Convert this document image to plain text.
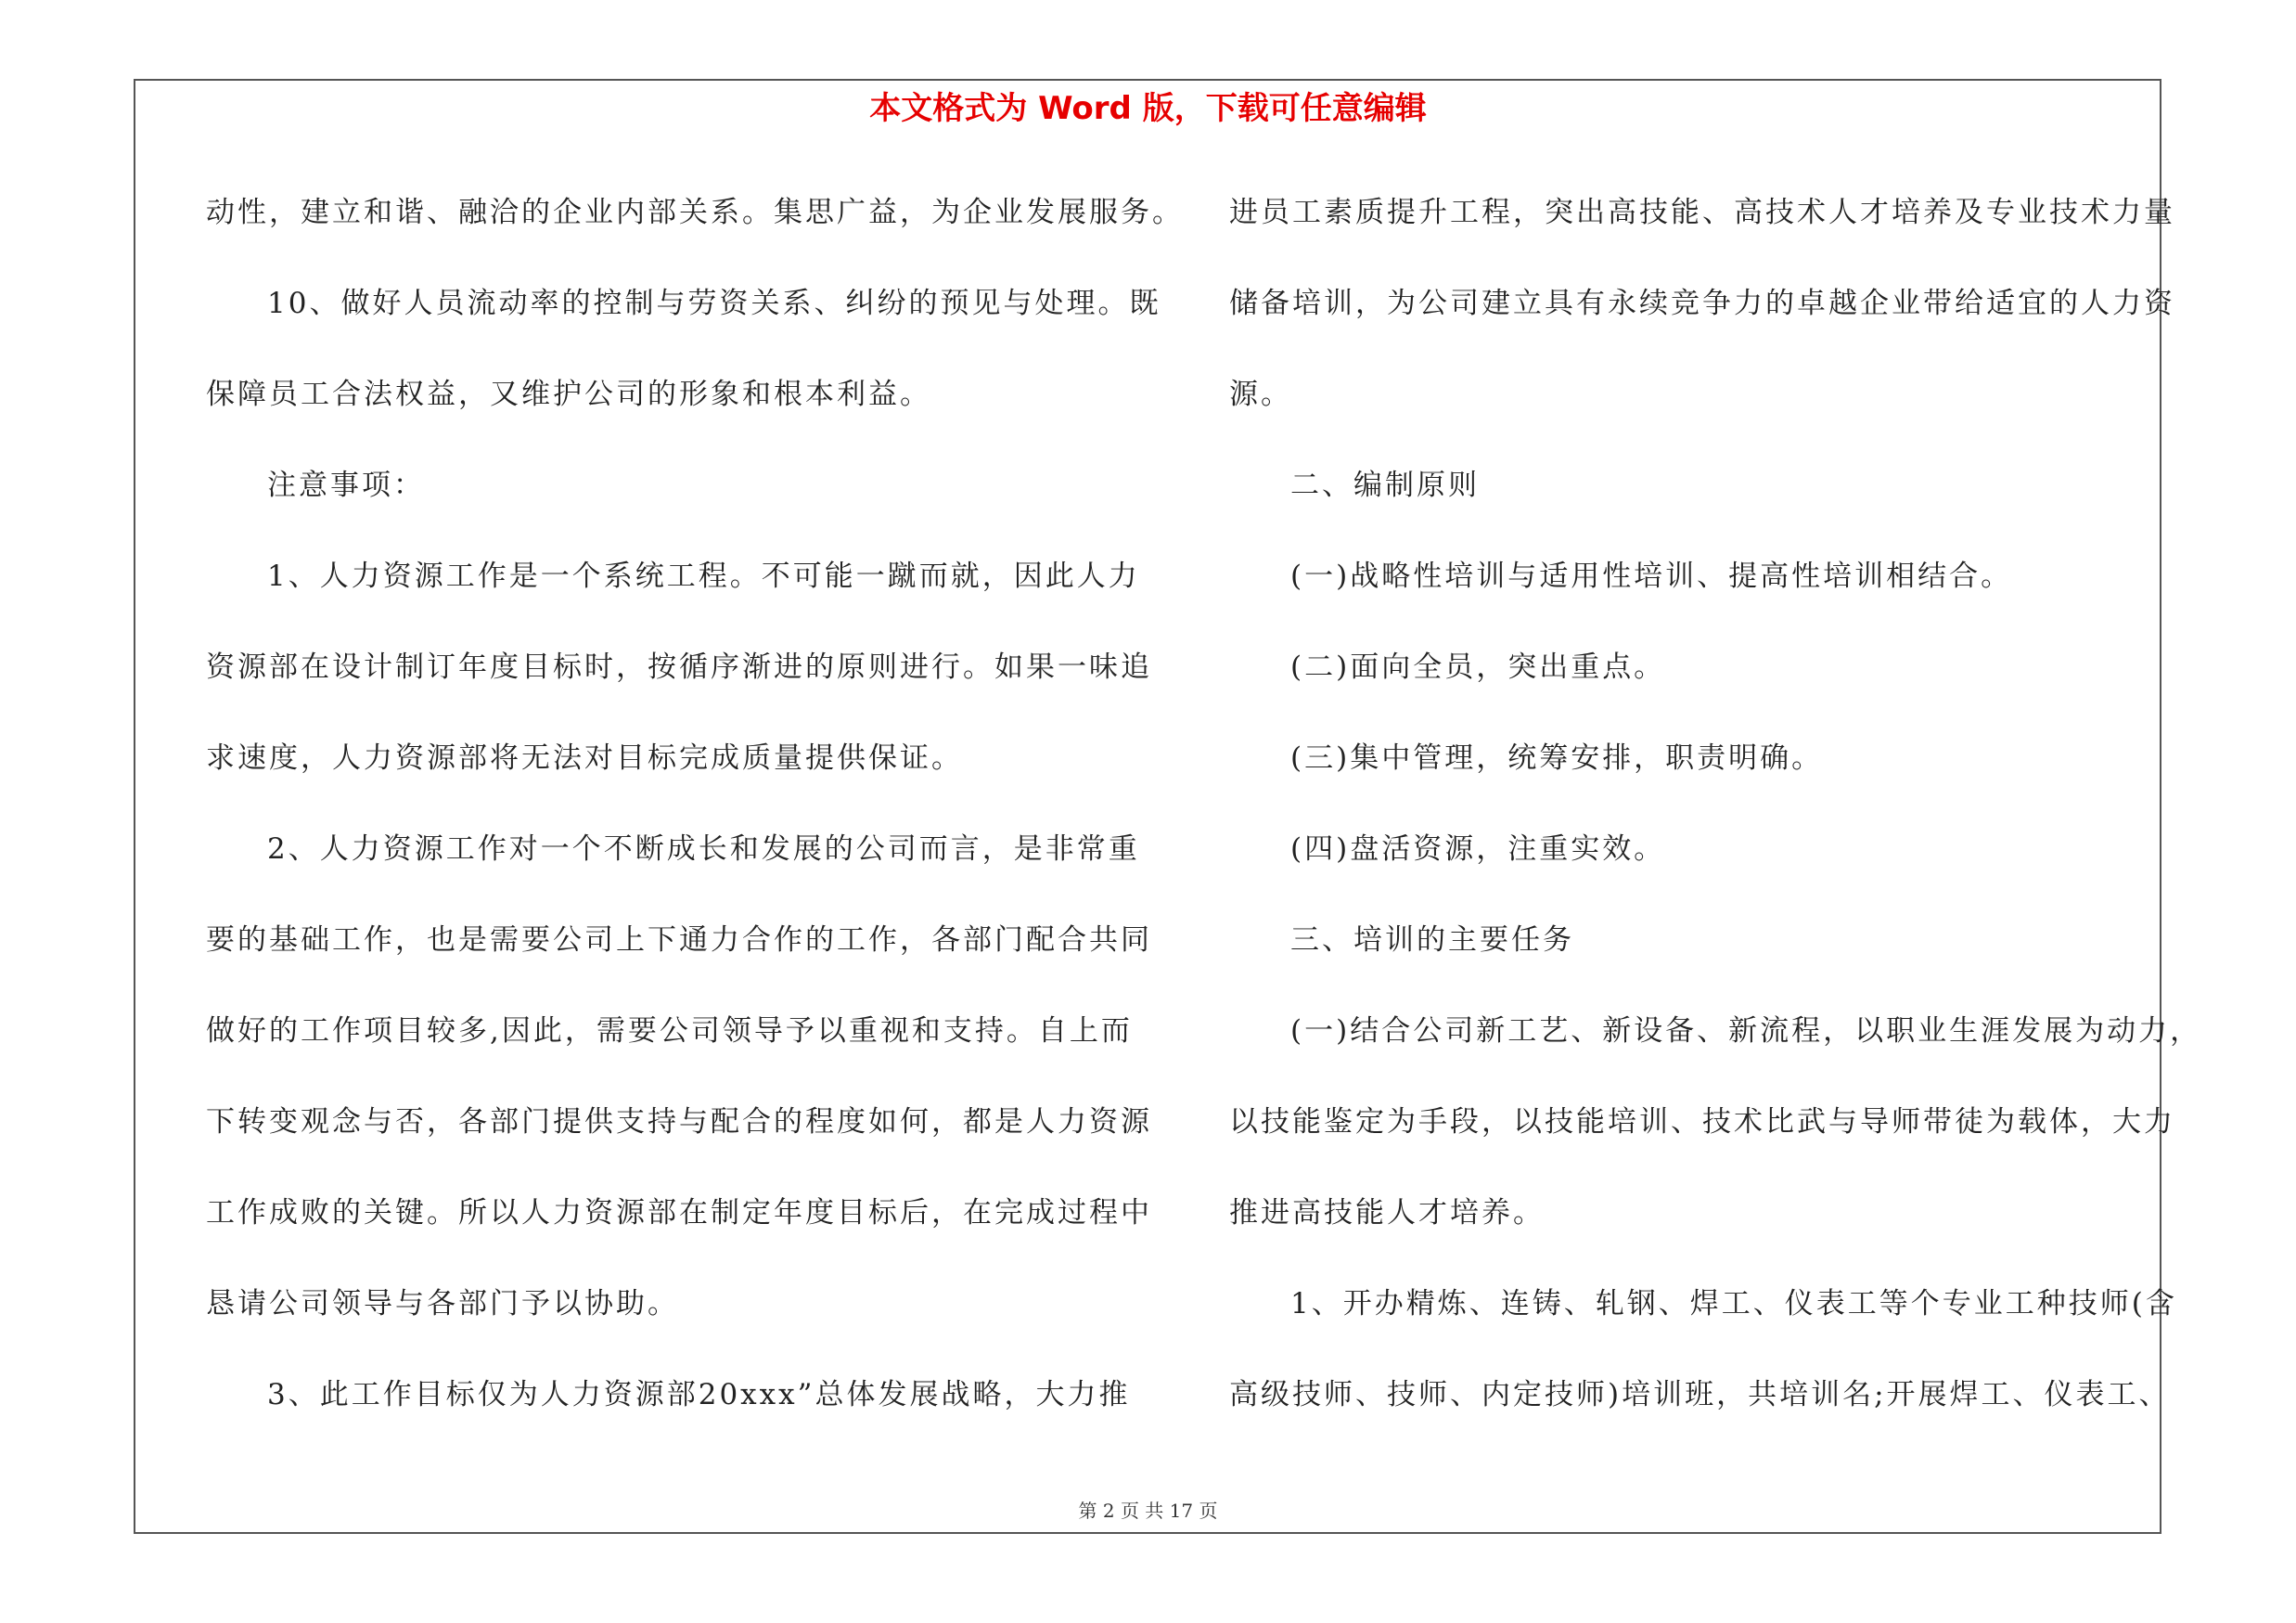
本文格式为 Word 版，下载可任意编辑
动性，建立和谐、融洽的企业内部关系。集思广益，为企业发展服务。
10、做好人员流动率的控制与劳资关系、纠纷的预见与处理。既
保障员工合法权益，又维护公司的形象和根本利益。
注意事项：
1、人力资源工作是一个系统工程。不可能一蹴而就，因此人力
资源部在设计制订年度目标时，按循序渐进的原则进行。如果一味追
求速度，人力资源部将无法对目标完成质量提供保证。
2、人力资源工作对一个不断成长和发展的公司而言，是非常重
要的基础工作，也是需要公司上下通力合作的工作，各部门配合共同
做好的工作项目较多,因此，需要公司领导予以重视和支持。自上而
下转变观念与否，各部门提供支持与配合的程度如何，都是人力资源
工作成败的关键。所以人力资源部在制定年度目标后，在完成过程中
恳请公司领导与各部门予以协助。
3、此工作目标仅为人力资源部20xxx”总体发展战略，大力推
进员工素质提升工程，突出高技能、高技术人才培养及专业技术力量
储备培训，为公司建立具有永续竞争力的卓越企业带给适宜的人力资
源。
二、编制原则
(一)战略性培训与适用性培训、提高性培训相结合。
(二)面向全员，突出重点。
(三)集中管理，统筹安排，职责明确。
(四)盘活资源，注重实效。
三、培训的主要任务
(一)结合公司新工艺、新设备、新流程，以职业生涯发展为动力，
以技能鉴定为手段，以技能培训、技术比武与导师带徒为载体，大力
推进高技能人才培养。
1、开办精炼、连铸、轧钢、焊工、仪表工等个专业工种技师(含
高级技师、技师、内定技师)培训班，共培训名;开展焊工、仪表工、
第 2 页 共 17 页
